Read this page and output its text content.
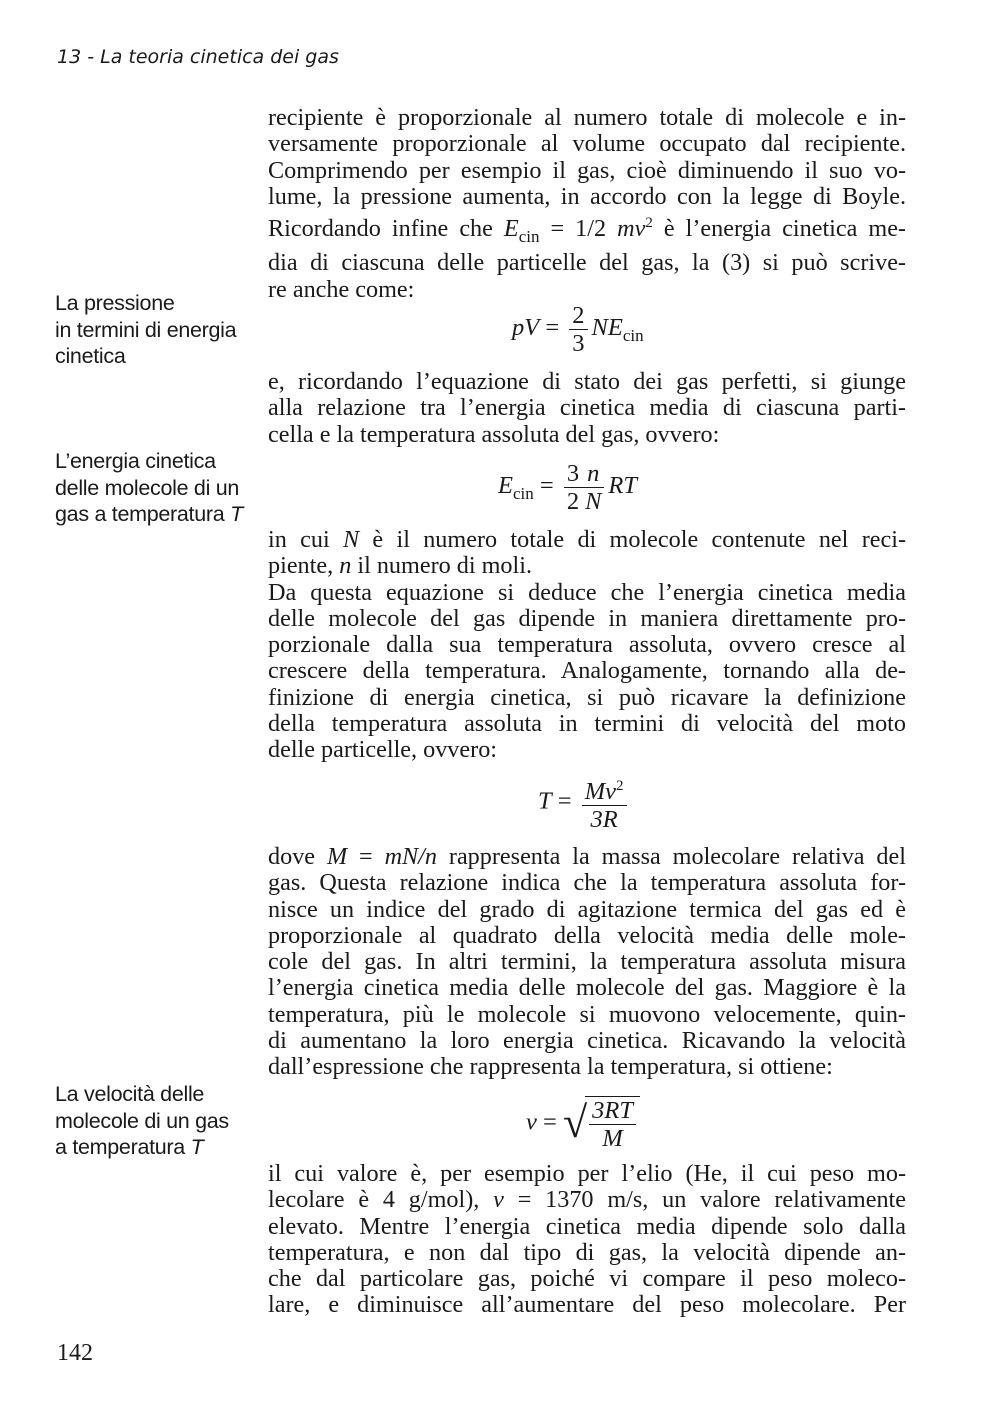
13 - La teoria cinetica dei gas
La pressione
in termini di energia
cinetica
L’energia cinetica
delle molecole di un
gas a temperatura T
La velocità delle
molecole di un gas
a temperatura T

recipiente è proporzionale al numero totale di molecole e in-

versamente proporzionale al volume occupato dal recipiente.

Comprimendo per esempio il gas, cioè diminuendo il suo vo-

lume, la pressione aumenta, in accordo con la legge di Boyle.

Ricordando infine che $E_{cin} = 1/2$ $mv^2$ è l’energia cinetica me-

dia di ciascuna delle particelle del gas, la (3) si può scrive-

re anche come:

pV = $\frac{2}{3} NE_{cin}$

e, ricordando l’equazione di stato dei gas perfetti, si giunge

alla relazione tra l’energia cinetica media di ciascuna parti-

cella e la temperatura assoluta del gas, ovvero:

$E_{cin} = \frac{3}{2} \frac{n}{N}$ RT

in cui N è il numero totale di molecole contenute nel reci-

piente, n il numero di moli.

Da questa equazione si deduce che l’energia cinetica media

delle molecole del gas dipende in maniera direttamente pro-

porzionale dalla sua temperatura assoluta, ovvero cresce al

crescere della temperatura. Analogamente, tornando alla de-

finizione di energia cinetica, si può ricavare la definizione

della temperatura assoluta in termini di velocità del moto

delle particelle, ovvero:

$T = \frac{Mv^2}{3R}$

dove M = mN/n rappresenta la massa molecolare relativa del

gas. Questa relazione indica che la temperatura assoluta for-

nisce un indice del grado di agitazione termica del gas ed è

proporzionale al quadrato della velocità media delle mole-

cole del gas. In altri termini, la temperatura assoluta misura

l’energia cinetica media delle molecole del gas. Maggiore è la

temperatura, più le molecole si muovono velocemente, quin-

di aumentano la loro energia cinetica. Ricavando la velocità

dall’espressione che rappresenta la temperatura, si ottiene:

v = √ $\frac{3RT}{M}$

il cui valore è, per esempio per l’elio (He, il cui peso mo-

lecolare è 4 g/mol), v = 1370 m/s, un valore relativamente

elevato. Mentre l’energia cinetica media dipende solo dalla

temperatura, e non dal tipo di gas, la velocità dipende an-

che dal particolare gas, poiché vi compare il peso moleco-

lare, e diminuisce all’aumentare del peso molecolare. Per

142
